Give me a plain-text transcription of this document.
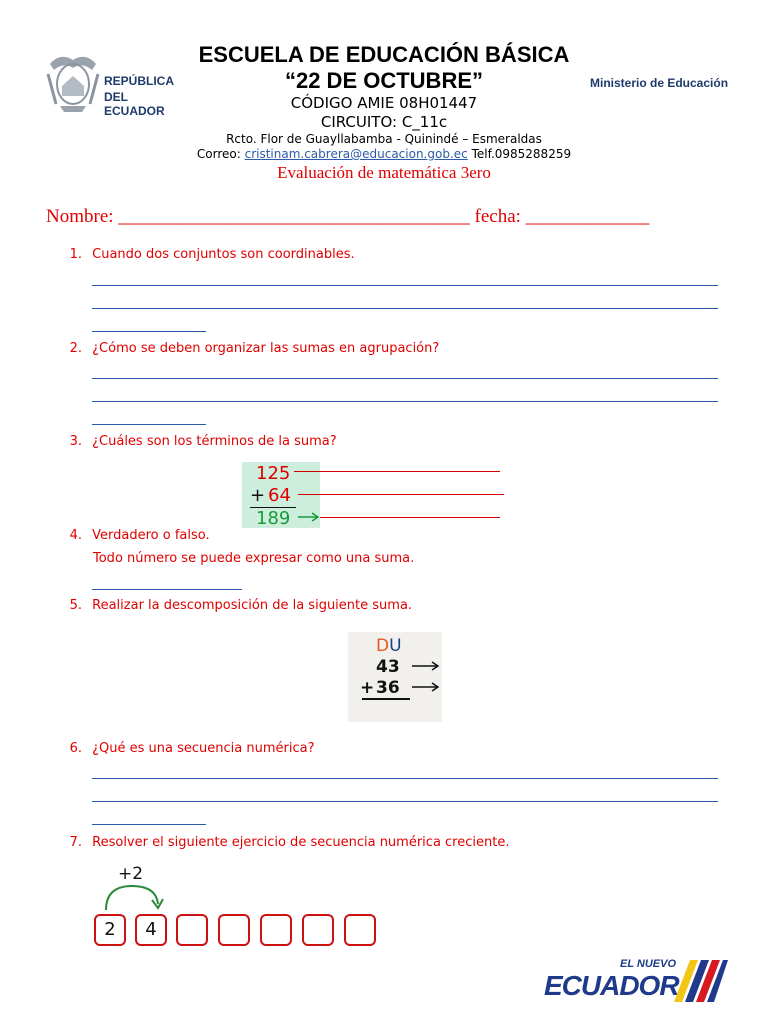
REPÚBLICA
DEL ECUADOR
Ministerio de Educación
ESCUELA DE EDUCACIÓN BÁSICA
“22 DE OCTUBRE”
CÓDIGO AMIE 08H01447
CIRCUITO: C_11c
Rcto. Flor de Guayllabamba - Quinindé – Esmeraldas
Correo: cristinam.cabrera@educacion.gob.ec Telf.0985288259
Evaluación de matemática 3ero
Nombre: _____________________________________ fecha: _____________
1. Cuando dos conjuntos son coordinables.
2. ¿Cómo se deben organizar las sumas en agrupación?
3. ¿Cuáles son los términos de la suma?
125
+ 64
189
4. Verdadero o falso.
Todo número se puede expresar como una suma.
5. Realizar la descomposición de la siguiente suma.
DU
43
+ 36
6. ¿Qué es una secuencia numérica?
7. Resolver el siguiente ejercicio de secuencia numérica creciente.
+2
2	4
EL NUEVO
ECUADOR
